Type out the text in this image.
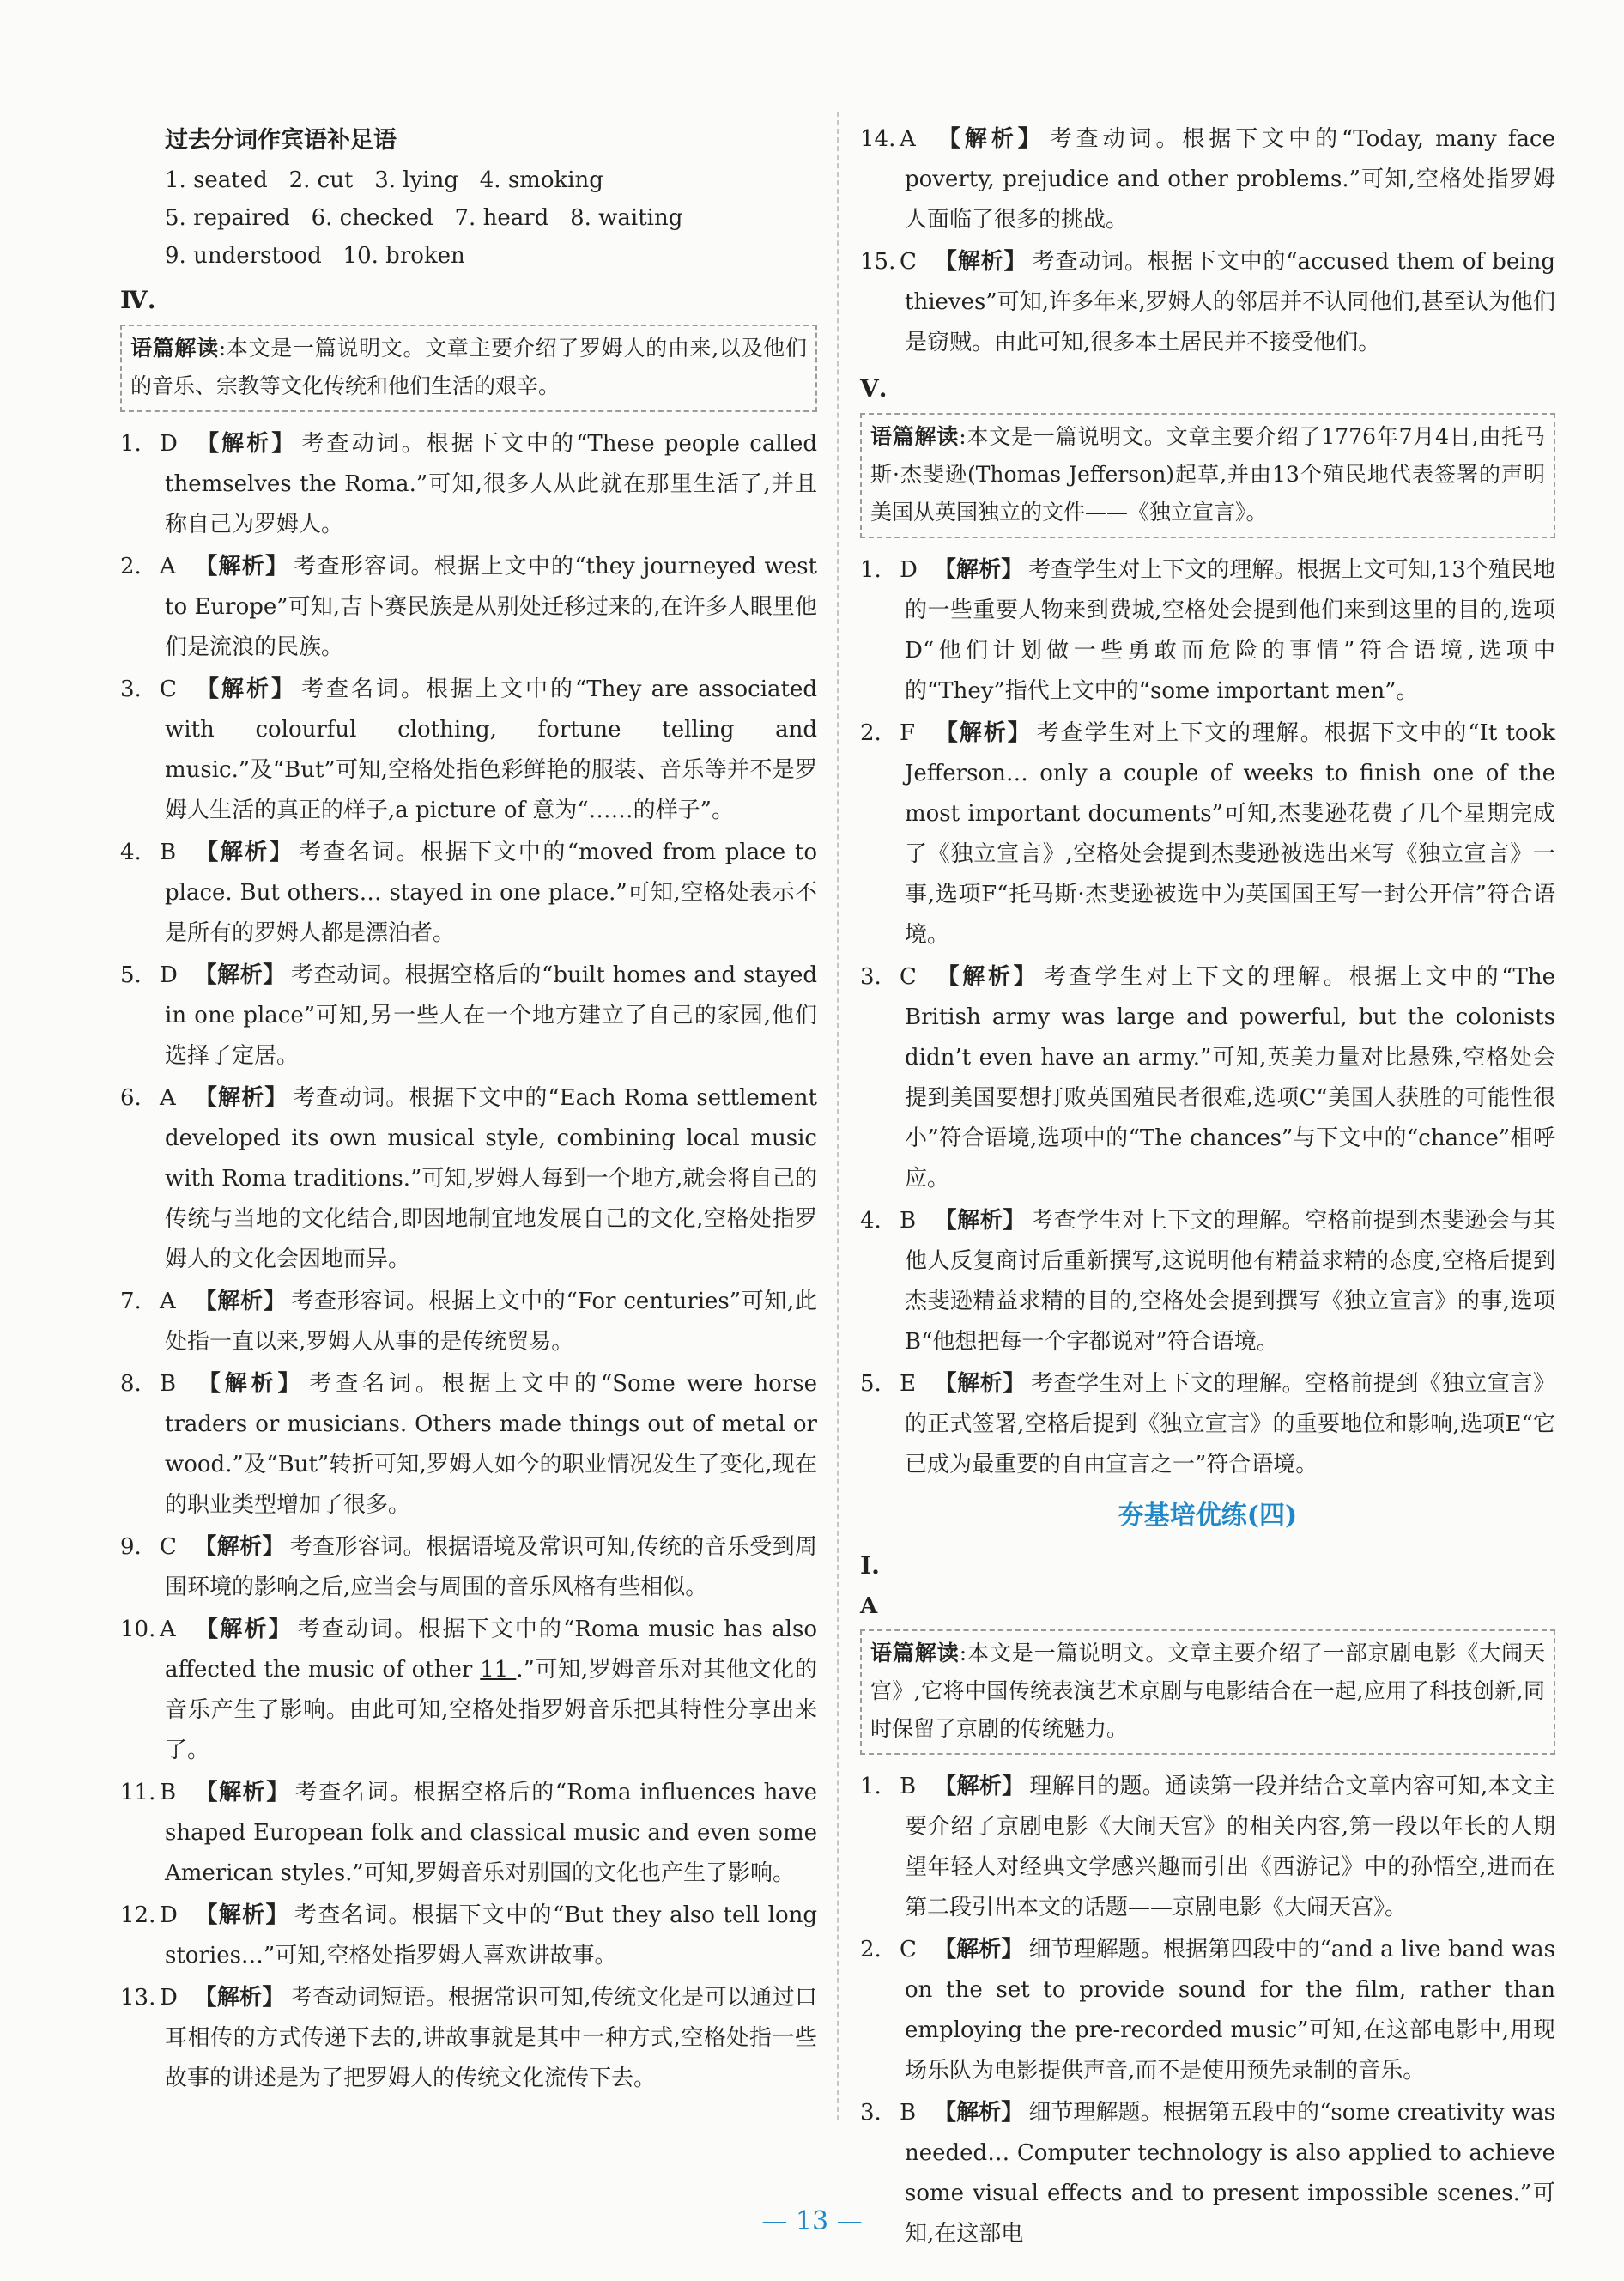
过去分词作宾语补足语
1. seated   2. cut   3. lying   4. smoking
5. repaired   6. checked   7. heard   8. waiting
9. understood   10. broken
Ⅳ.
语篇解读:本文是一篇说明文。文章主要介绍了罗姆人的由来,以及他们的音乐、宗教等文化传统和他们生活的艰辛。
1. D 【解析】 考查动词。根据下文中的“These people called themselves the Roma.”可知,很多人从此就在那里生活了,并且称自己为罗姆人。
2. A 【解析】 考查形容词。根据上文中的“they journeyed west to Europe”可知,吉卜赛民族是从别处迁移过来的,在许多人眼里他们是流浪的民族。
3. C 【解析】 考查名词。根据上文中的“They are associated with colourful clothing, fortune telling and music.”及“But”可知,空格处指色彩鲜艳的服装、音乐等并不是罗姆人生活的真正的样子,a picture of 意为“……的样子”。
4. B 【解析】 考查名词。根据下文中的“moved from place to place. But others… stayed in one place.”可知,空格处表示不是所有的罗姆人都是漂泊者。
5. D 【解析】 考查动词。根据空格后的“built homes and stayed in one place”可知,另一些人在一个地方建立了自己的家园,他们选择了定居。
6. A 【解析】 考查动词。根据下文中的“Each Roma settlement developed its own musical style, combining local music with Roma traditions.”可知,罗姆人每到一个地方,就会将自己的传统与当地的文化结合,即因地制宜地发展自己的文化,空格处指罗姆人的文化会因地而异。
7. A 【解析】 考查形容词。根据上文中的“For centuries”可知,此处指一直以来,罗姆人从事的是传统贸易。
8. B 【解析】 考查名词。根据上文中的“Some were horse traders or musicians. Others made things out of metal or wood.”及“But”转折可知,罗姆人如今的职业情况发生了变化,现在的职业类型增加了很多。
9. C 【解析】 考查形容词。根据语境及常识可知,传统的音乐受到周围环境的影响之后,应当会与周围的音乐风格有些相似。
10. A 【解析】 考查动词。根据下文中的“Roma music has also affected the music of other 11 .”可知,罗姆音乐对其他文化的音乐产生了影响。由此可知,空格处指罗姆音乐把其特性分享出来了。
11. B 【解析】 考查名词。根据空格后的“Roma influences have shaped European folk and classical music and even some American styles.”可知,罗姆音乐对别国的文化也产生了影响。
12. D 【解析】 考查名词。根据下文中的“But they also tell long stories…”可知,空格处指罗姆人喜欢讲故事。
13. D 【解析】 考查动词短语。根据常识可知,传统文化是可以通过口耳相传的方式传递下去的,讲故事就是其中一种方式,空格处指一些故事的讲述是为了把罗姆人的传统文化流传下去。
14. A 【解析】 考查动词。根据下文中的“Today, many face poverty, prejudice and other problems.”可知,空格处指罗姆人面临了很多的挑战。
15. C 【解析】 考查动词。根据下文中的“accused them of being thieves”可知,许多年来,罗姆人的邻居并不认同他们,甚至认为他们是窃贼。由此可知,很多本土居民并不接受他们。
Ⅴ.
语篇解读:本文是一篇说明文。文章主要介绍了1776年7月4日,由托马斯·杰斐逊(Thomas Jefferson)起草,并由13个殖民地代表签署的声明美国从英国独立的文件——《独立宣言》。
1. D 【解析】 考查学生对上下文的理解。根据上文可知,13个殖民地的一些重要人物来到费城,空格处会提到他们来到这里的目的,选项D“他们计划做一些勇敢而危险的事情”符合语境,选项中的“They”指代上文中的“some important men”。
2. F 【解析】 考查学生对上下文的理解。根据下文中的“It took Jefferson… only a couple of weeks to finish one of the most important documents”可知,杰斐逊花费了几个星期完成了《独立宣言》,空格处会提到杰斐逊被选出来写《独立宣言》一事,选项F“托马斯·杰斐逊被选中为英国国王写一封公开信”符合语境。
3. C 【解析】 考查学生对上下文的理解。根据上文中的“The British army was large and powerful, but the colonists didn’t even have an army.”可知,英美力量对比悬殊,空格处会提到美国要想打败英国殖民者很难,选项C“美国人获胜的可能性很小”符合语境,选项中的“The chances”与下文中的“chance”相呼应。
4. B 【解析】 考查学生对上下文的理解。空格前提到杰斐逊会与其他人反复商讨后重新撰写,这说明他有精益求精的态度,空格后提到杰斐逊精益求精的目的,空格处会提到撰写《独立宣言》的事,选项B“他想把每一个字都说对”符合语境。
5. E 【解析】 考查学生对上下文的理解。空格前提到《独立宣言》的正式签署,空格后提到《独立宣言》的重要地位和影响,选项E“它已成为最重要的自由宣言之一”符合语境。
夯基培优练(四)
Ⅰ.
A
语篇解读:本文是一篇说明文。文章主要介绍了一部京剧电影《大闹天宫》,它将中国传统表演艺术京剧与电影结合在一起,应用了科技创新,同时保留了京剧的传统魅力。
1. B 【解析】 理解目的题。通读第一段并结合文章内容可知,本文主要介绍了京剧电影《大闹天宫》的相关内容,第一段以年长的人期望年轻人对经典文学感兴趣而引出《西游记》中的孙悟空,进而在第二段引出本文的话题——京剧电影《大闹天宫》。
2. C 【解析】 细节理解题。根据第四段中的“and a live band was on the set to provide sound for the film, rather than employing the pre-recorded music”可知,在这部电影中,用现场乐队为电影提供声音,而不是使用预先录制的音乐。
3. B 【解析】 细节理解题。根据第五段中的“some creativity was needed… Computer technology is also applied to achieve some visual effects and to present impossible scenes.”可知,在这部电
— 13 —
